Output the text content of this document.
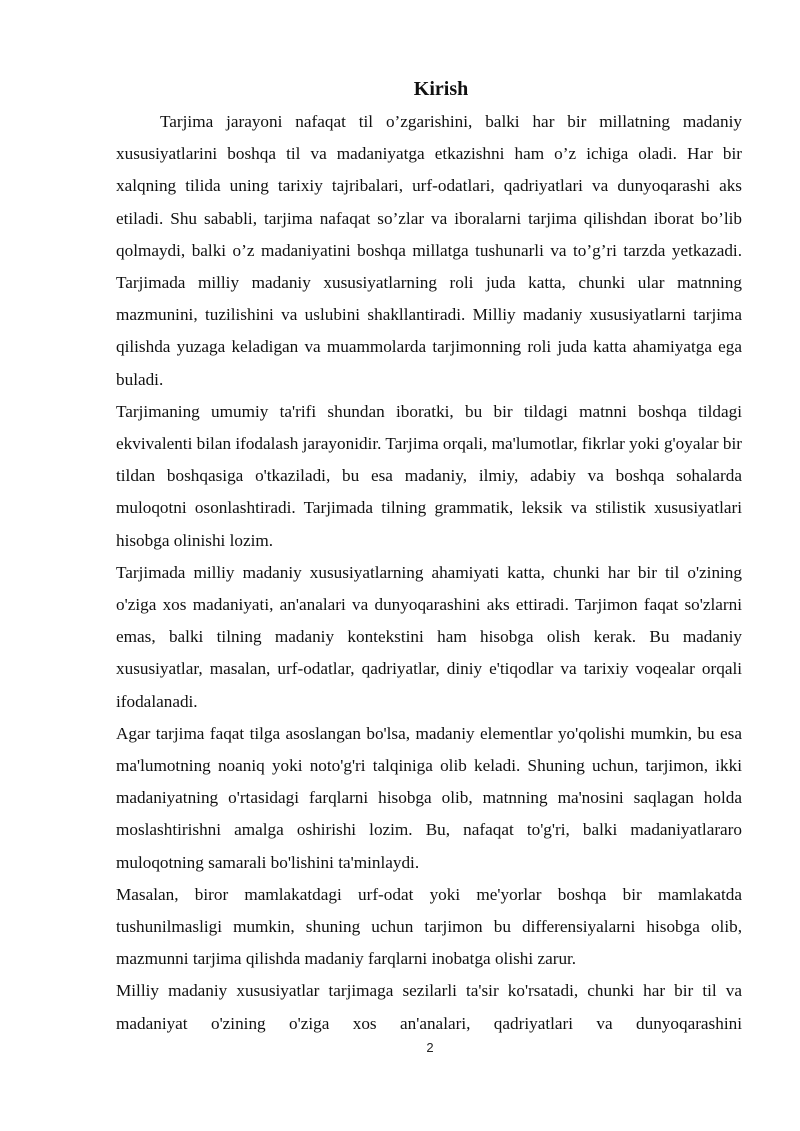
Kirish

Tarjima jarayoni nafaqat til o’zgarishini, balki har bir millatning madaniy xususiyatlarini boshqa til va madaniyatga etkazishni ham o’z ichiga oladi. Har bir xalqning tilida uning tarixiy tajribalari, urf-odatlari, qadriyatlari va dunyoqarashi aks etiladi. Shu sababli, tarjima nafaqat so’zlar va iboralarni tarjima qilishdan iborat bo’lib qolmaydi, balki o’z madaniyatini boshqa millatga tushunarli va to’g’ri tarzda yetkazadi. Tarjimada milliy madaniy xususiyatlarning roli juda katta, chunki ular matnning mazmunini, tuzilishini va uslubini shakllantiradi. Milliy madaniy xususiyatlarni tarjima qilishda yuzaga keladigan va muammolarda tarjimonning roli juda katta ahamiyatga ega buladi.

Tarjimaning umumiy ta'rifi shundan iboratki, bu bir tildagi matnni boshqa tildagi ekvivalenti bilan ifodalash jarayonidir. Tarjima orqali, ma'lumotlar, fikrlar yoki g'oyalar bir tildan boshqasiga o'tkaziladi, bu esa madaniy, ilmiy, adabiy va boshqa sohalarda muloqotni osonlashtiradi. Tarjimada tilning grammatik, leksik va stilistik xususiyatlari hisobga olinishi lozim.

Tarjimada milliy madaniy xususiyatlarning ahamiyati katta, chunki har bir til o'zining o'ziga xos madaniyati, an'analari va dunyoqarashini aks ettiradi. Tarjimon faqat so'zlarni emas, balki tilning madaniy kontekstini ham hisobga olish kerak. Bu madaniy xususiyatlar, masalan, urf-odatlar, qadriyatlar, diniy e'tiqodlar va tarixiy voqealar orqali ifodalanadi.

Agar tarjima faqat tilga asoslangan bo'lsa, madaniy elementlar yo'qolishi mumkin, bu esa ma'lumotning noaniq yoki noto'g'ri talqiniga olib keladi. Shuning uchun, tarjimon, ikki madaniyatning o'rtasidagi farqlarni hisobga olib, matnning ma'nosini saqlagan holda moslashtirishni amalga oshirishi lozim. Bu, nafaqat to'g'ri, balki madaniyatlararo muloqotning samarali bo'lishini ta'minlaydi.

Masalan, biror mamlakatdagi urf-odat yoki me'yorlar boshqa bir mamlakatda tushunilmasligi mumkin, shuning uchun tarjimon bu differensiyalarni hisobga olib, mazmunni tarjima qilishda madaniy farqlarni inobatga olishi zarur.

Milliy madaniy xususiyatlar tarjimaga sezilarli ta'sir ko'rsatadi, chunki har bir til va madaniyat o'zining o'ziga xos an'analari, qadriyatlari va dunyoqarashini

2
